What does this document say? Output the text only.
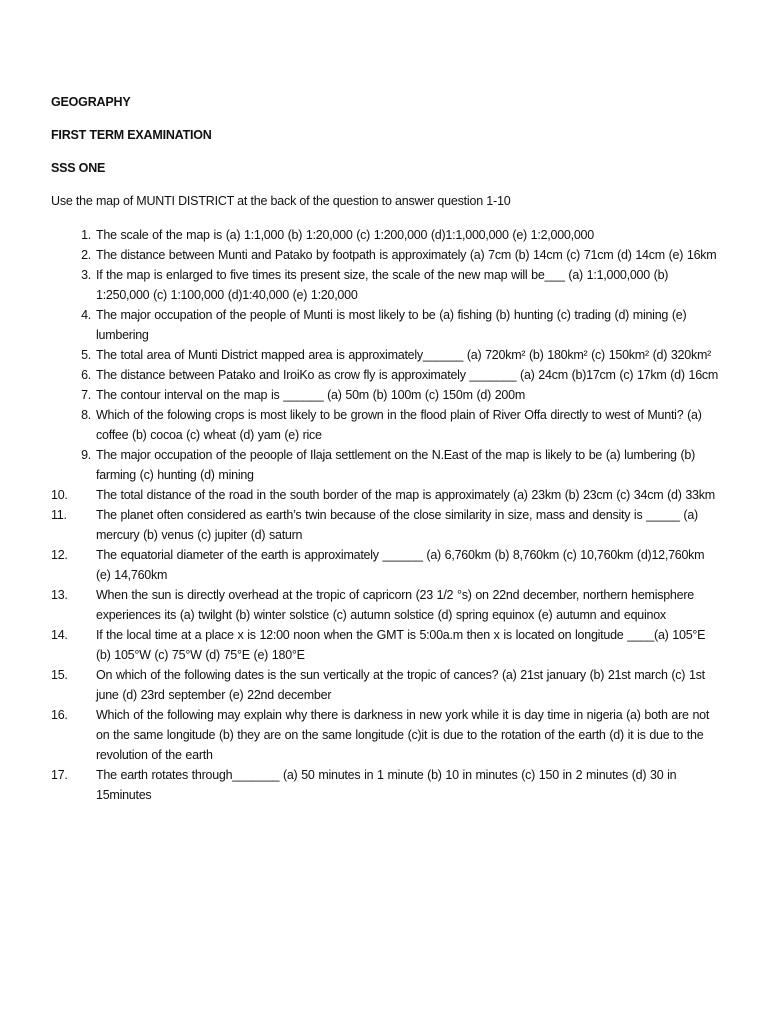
GEOGRAPHY
FIRST TERM EXAMINATION
SSS ONE
Use the map of MUNTI DISTRICT at the back of the question to answer question 1-10
1. The scale of the map is (a) 1:1,000 (b) 1:20,000 (c) 1:200,000 (d)1:1,000,000 (e) 1:2,000,000
2. The distance between Munti and Patako by footpath is approximately (a) 7cm (b) 14cm (c) 71cm (d) 14cm (e) 16km
3. If the map is enlarged to five times its present size, the scale of the new map will be___ (a) 1:1,000,000 (b) 1:250,000 (c) 1:100,000 (d)1:40,000 (e) 1:20,000
4. The major occupation of the people of Munti is most likely to be (a) fishing (b) hunting (c) trading (d) mining (e) lumbering
5. The total area of Munti District mapped area is approximately______ (a) 720km² (b) 180km² (c) 150km² (d) 320km²
6. The distance between Patako and IroiKo as crow fly is approximately _______ (a) 24cm (b)17cm (c) 17km (d) 16cm
7. The contour interval on the map is ______ (a) 50m (b) 100m (c) 150m (d) 200m
8. Which of the folowing crops is most likely to be grown in the flood plain of River Offa directly to west of Munti? (a) coffee (b) cocoa (c) wheat (d) yam (e) rice
9. The major occupation of the peoople of Ilaja settlement on the N.East of the map is likely to be (a) lumbering (b) farming (c) hunting (d) mining
10.	The total distance of the road in the south border of the map is approximately (a) 23km (b) 23cm (c) 34cm (d) 33km
11.	The planet often considered as earth’s twin because of the close similarity in size, mass and density is _____ (a) mercury (b) venus (c) jupiter (d) saturn
12.	The equatorial diameter of the earth is approximately ______ (a) 6,760km (b) 8,760km (c) 10,760km (d)12,760km (e) 14,760km
13.	When the sun is directly overhead at the tropic of capricorn (23 1/2 °s) on 22nd december, northern hemisphere experiences its (a) twilght (b) winter solstice (c) autumn solstice (d) spring equinox (e) autumn and equinox
14.	If the local time at a place x is 12:00 noon when the GMT is 5:00a.m then x is located on longitude ____(a) 105°E (b) 105°W (c) 75°W (d) 75°E (e) 180°E
15.	On which of the following dates is the sun vertically at the tropic of cances? (a) 21st january (b) 21st march (c) 1st june (d) 23rd september (e) 22nd december
16.	Which of the following may explain why there is darkness in new york while it is day time in nigeria (a) both are not on the same longitude (b) they are on the same longitude (c)it is due to the rotation of the earth (d) it is due to the revolution of the earth
17.	The earth rotates through_______ (a) 50 minutes in 1 minute (b) 10 in minutes (c) 150 in 2 minutes (d) 30 in 15minutes
